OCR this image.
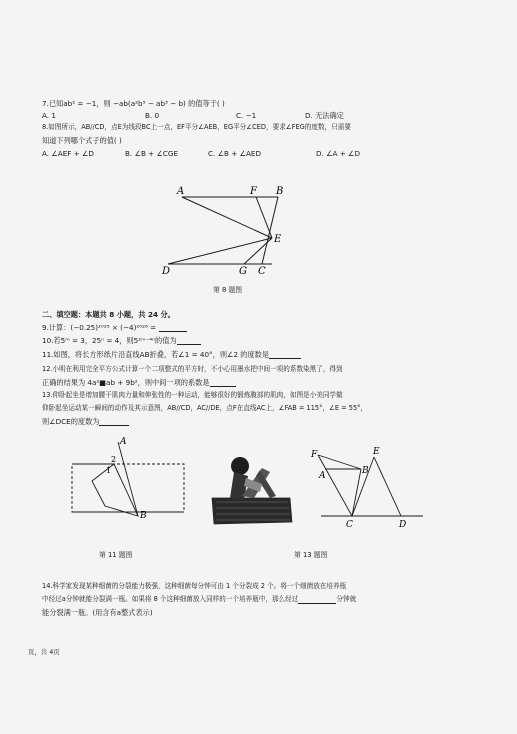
7.已知ab² = −1，则 −ab(a²b⁵ − ab³ − b) 的值等于( )
A. 1	B. 0	C. −1	D. 无法确定
8.如图所示，AB//CD，点E为线段BC上一点，EF平分∠AEB，EG平分∠CED，要求∠FEG的度数，只需要
知道下列哪个式子的值( )
A. ∠AEF + ∠D	B. ∠B + ∠CGE	C. ∠B + ∠AED	D. ∠A + ∠D
A	F B
E
D	G C
第 8 题图
二、填空题：本题共 8 小题，共 24 分。
9.计算：(−0.25)²⁰²⁵ × (−4)²⁰²⁶ =
10.若5ᵐ = 3，25ⁿ = 4，则5²ᵐ⁻⁴ⁿ的值为
11.如图，将长方形纸片沿直线AB折叠，若∠1 = 40°，则∠2 的度数是
12.小明在利用完全平方公式计算一个二项整式的平方时，不小心用墨水把中间一项的系数染黑了，得到
正确的结果为 4a²■ab + 9b²，则中间一项的系数是
13.仰卧起坐是增加腰干肌肉力量和伸张性的一种运动，能够很好的锻炼腹部的肌肉，如图是小美同学做
仰卧起坐运动某一瞬间的动作及其示意图，AB//CD，AC//DE，点F在直线AC上，∠FAB = 115°，∠E = 55°，
则∠DCE的度数为
A
B
1
2
第 11 题图
F
A	B
E
C	D
第 13 题图
14.科学家发现某种细菌的分裂能力极强，这种细菌每分钟可由 1 个分裂成 2 个。将一个细菌放在培养瓶
中经过a分钟就能分裂满一瓶。如果将 8 个这种细菌放入同样的一个培养瓶中，那么经过	分钟就
能分裂满一瓶。(用含有a整式表示)
页，共 4页
